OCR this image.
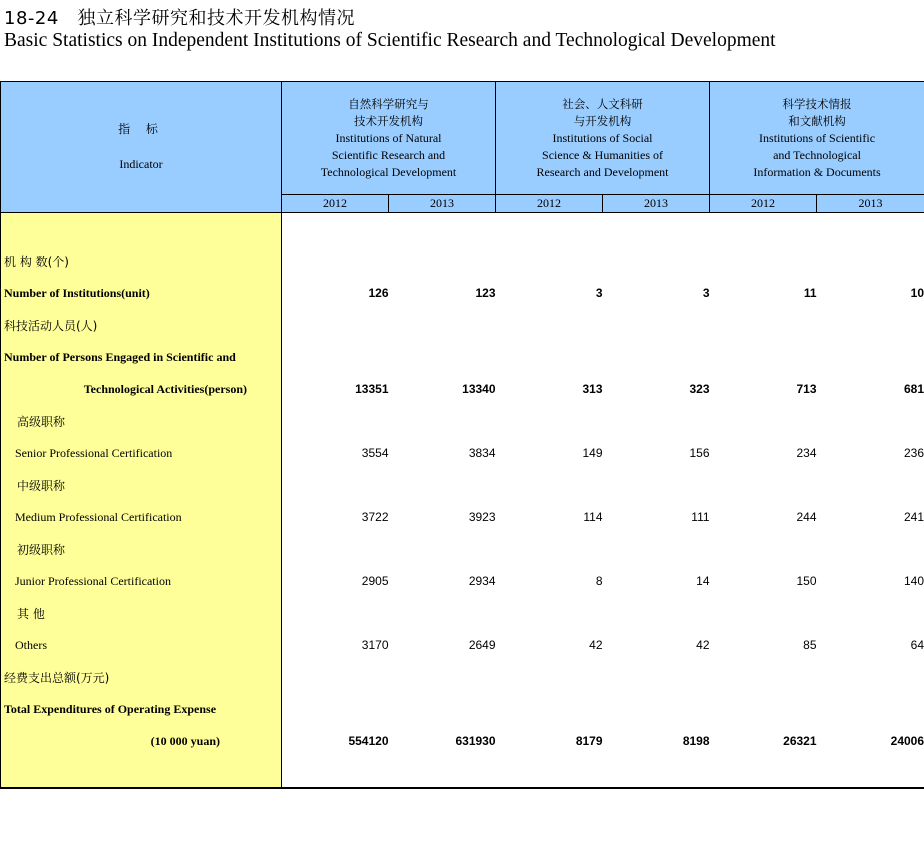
18-24 独立科学研究和技术开发机构情况
Basic Statistics on Independent Institutions of Scientific Research and Technological Development
指 标
Indicator	自然科学研究与
技术开发机构
Institutions of Natural
Scientific Research and
Technological Development		社会、人文科研
与开发机构
Institutions of Social
Science & Humanities of
Research and Development		科学技术情报
和文献机构
Institutions of Scientific
and Technological
Information & Documents	

	2012	2013	2012	2013	2012	2013

机 构 数(个)						
Number of Institutions(unit)	126	123	3	3	11	10
科技活动人员(人)						
Number of Persons Engaged in Scientific and						
Technological Activities(person)	13351	13340	313	323	713	681
高级职称						
Senior Professional Certification	3554	3834	149	156	234	236
中级职称						
Medium Professional Certification	3722	3923	114	111	244	241
初级职称						
Junior Professional Certification	2905	2934	8	14	150	140
其 他						
Others	3170	2649	42	42	85	64
经费支出总额(万元)						
Total Expenditures of Operating Expense						
(10 000 yuan)	554120	631930	8179	8198	26321	24006
